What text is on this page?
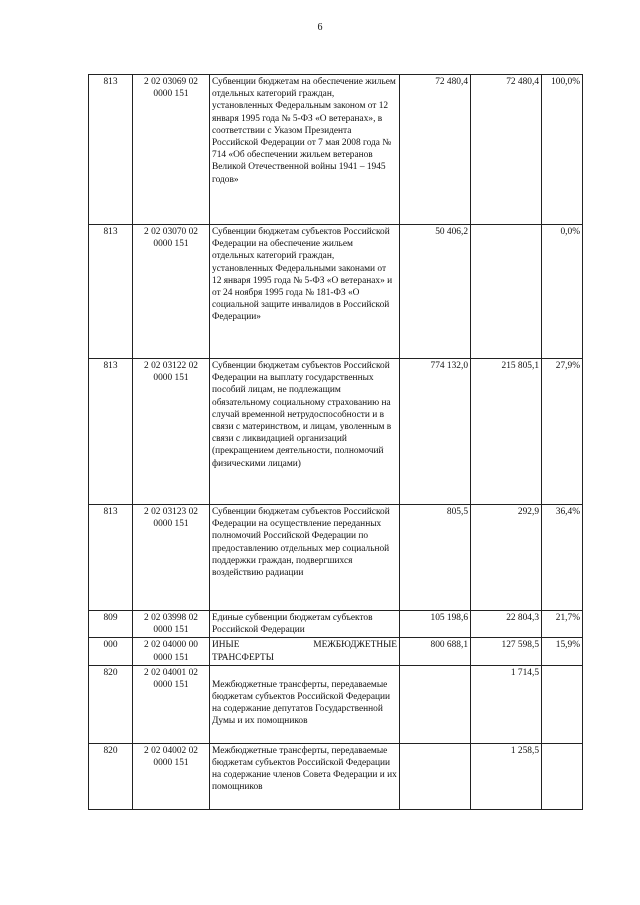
6
813	2 02 03069 02 0000 151	Субвенции бюджетам на обеспечение жильем отдельных категорий граждан, установленных Федеральным законом от 12 января 1995 года № 5-ФЗ «О ветеранах», в соответствии с Указом Президента Российской Федерации от 7 мая 2008 года № 714 «Об обеспечении жильем ветеранов Великой Отечественной войны 1941 – 1945 годов»	72 480,4	72 480,4	100,0%
813	2 02 03070 02 0000 151	Субвенции бюджетам субъектов Российской Федерации на обеспечение жильем отдельных категорий граждан, установленных Федеральными законами от 12 января 1995 года № 5-ФЗ «О ветеранах» и от 24 ноября 1995 года № 181-ФЗ «О социальной защите инвалидов в Российской Федерации»	50 406,2		0,0%
813	2 02 03122 02 0000 151	Субвенции бюджетам субъектов Российской Федерации на выплату государственных пособий лицам, не подлежащим обязательному социальному страхованию на случай временной нетрудоспособности и в связи с материнством, и лицам, уволенным в связи с ликвидацией организаций (прекращением деятельности, полномочий физическими лицами)	774 132,0	215 805,1	27,9%
813	2 02 03123 02 0000 151	Субвенции бюджетам субъектов Российской Федерации на осуществление переданных полномочий Российской Федерации по предоставлению отдельных мер социальной поддержки граждан, подвергшихся воздействию радиации	805,5	292,9	36,4%
809	2 02 03998 02 0000 151	Единые субвенции бюджетам субъектов Российской Федерации	105 198,6	22 804,3	21,7%
000	2 02 04000 00 0000 151	ИНЫЕ МЕЖБЮДЖЕТНЫЕ
ТРАНСФЕРТЫ	800 688,1	127 598,5	15,9%
820	2 02 04001 02 0000 151	Межбюджетные трансферты, передаваемые бюджетам субъектов Российской Федерации на содержание депутатов Государственной Думы и их помощников		1 714,5	
820	2 02 04002 02 0000 151	Межбюджетные трансферты, передаваемые бюджетам субъектов Российской Федерации на содержание членов Совета Федерации и их помощников		1 258,5	
